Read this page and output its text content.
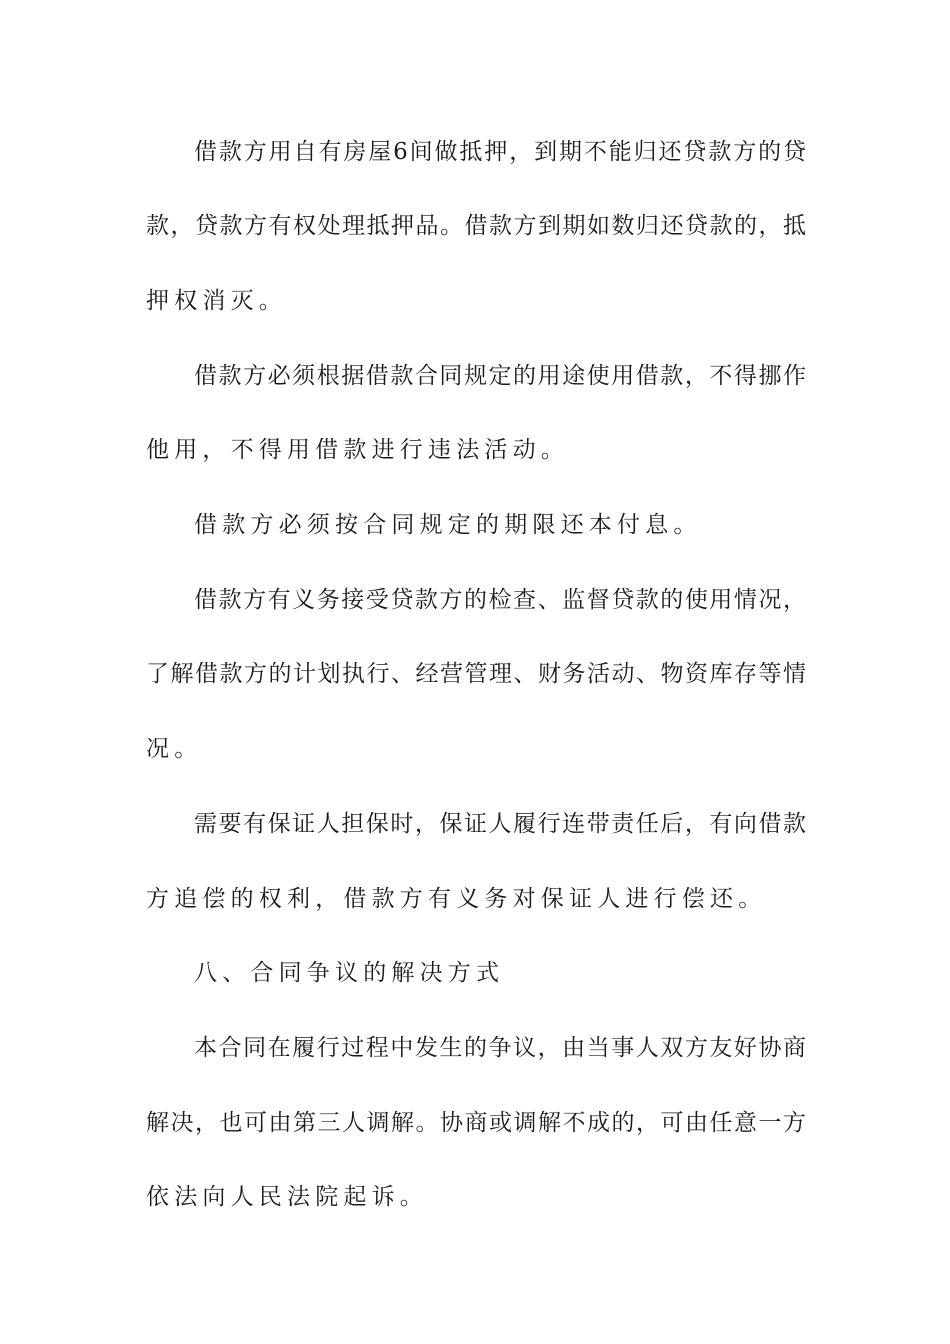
借款方用自有房屋6间做抵押，到期不能归还贷款方的贷
款，贷款方有权处理抵押品。借款方到期如数归还贷款的，抵
押权消灭。
借款方必须根据借款合同规定的用途使用借款，不得挪作
他用，不得用借款进行违法活动。
借款方必须按合同规定的期限还本付息。
借款方有义务接受贷款方的检查、监督贷款的使用情况，
了解借款方的计划执行、经营管理、财务活动、物资库存等情
况。
需要有保证人担保时，保证人履行连带责任后，有向借款
方追偿的权利，借款方有义务对保证人进行偿还。
八、合同争议的解决方式
本合同在履行过程中发生的争议，由当事人双方友好协商
解决，也可由第三人调解。协商或调解不成的，可由任意一方
依法向人民法院起诉。
